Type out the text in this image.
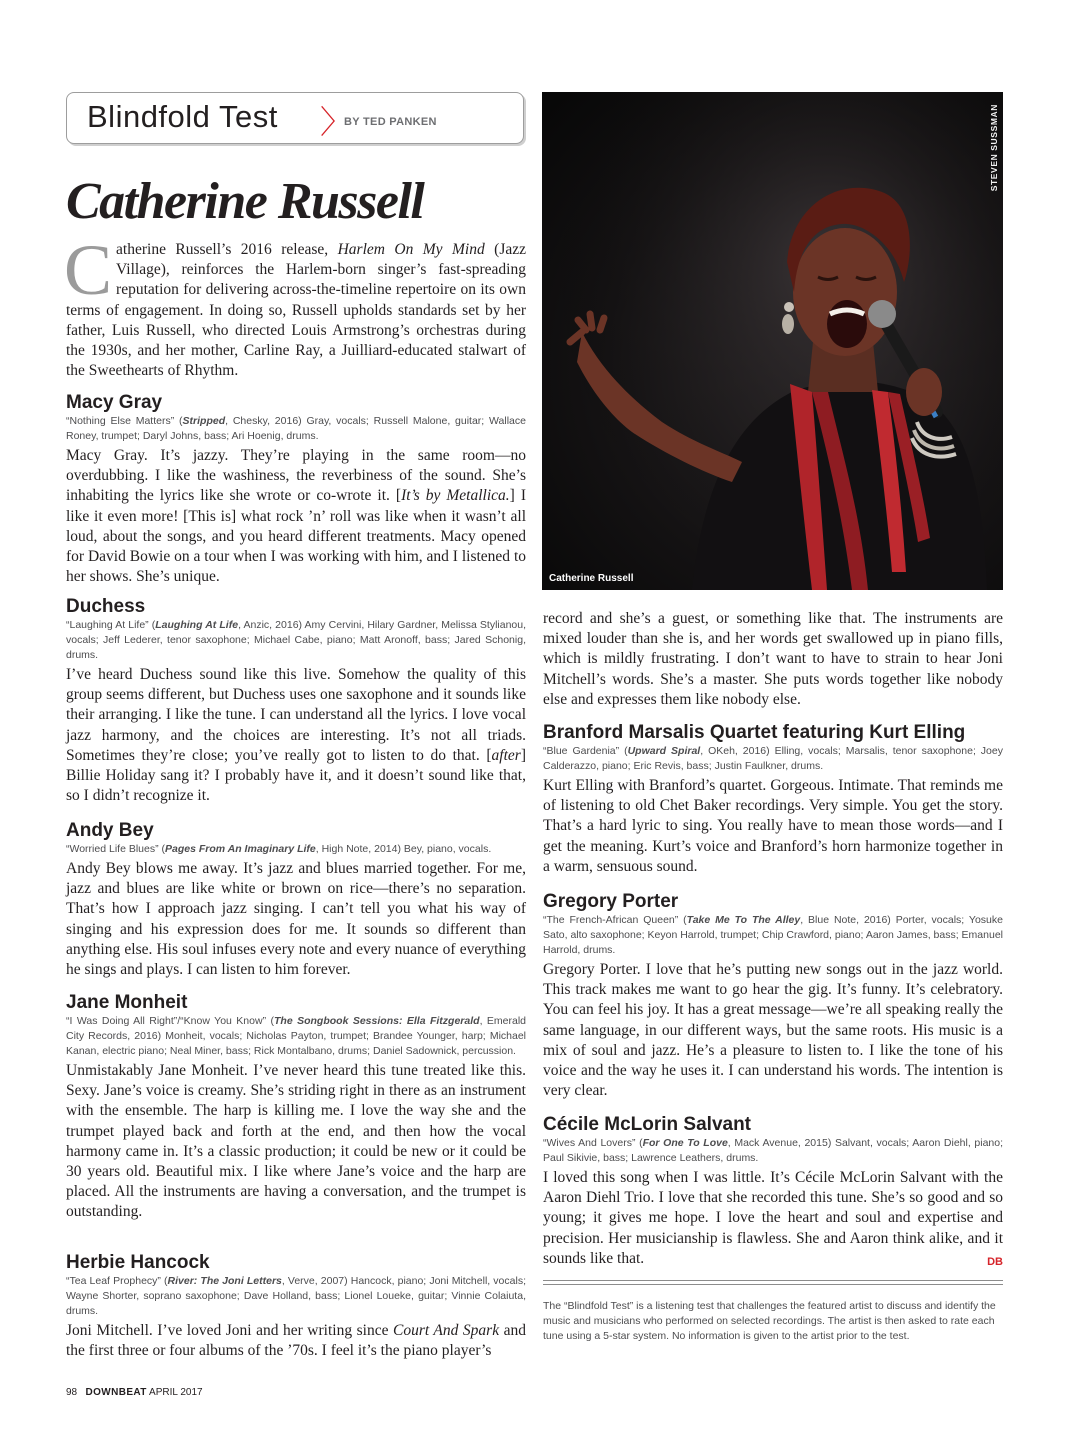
Blindfold Test 〉
BY TED PANKEN
Catherine Russell
STEVEN SUSSMAN
Catherine Russell

Catherine Russell’s 2016 release, Harlem On My Mind (Jazz Village), reinforces the Harlem-born singer’s fast-spreading reputation for delivering across-the-timeline repertoire on its own terms of engagement. In doing so, Russell upholds standards set by her father, Luis Russell, who directed Louis Armstrong’s orchestras during the 1930s, and her mother, Carline Ray, a Juilliard-educated stalwart of the Sweethearts of Rhythm.

Macy Gray

“Nothing Else Matters” (Stripped, Chesky, 2016) Gray, vocals; Russell Malone, guitar; Wallace Roney, trumpet; Daryl Johns, bass; Ari Hoenig, drums.

Macy Gray. It’s jazzy. They’re playing in the same room—no overdubbing. I like the washiness, the reverbiness of the sound. She’s inhabiting the lyrics like she wrote or co-wrote it. [It’s by Metallica.] I like it even more! [This is] what rock ’n’ roll was like when it wasn’t all loud, about the songs, and you heard different treatments. Macy opened for David Bowie on a tour when I was working with him, and I listened to her shows. She’s unique.

Duchess

“Laughing At Life” (Laughing At Life, Anzic, 2016) Amy Cervini, Hilary Gardner, Melissa Stylianou, vocals; Jeff Lederer, tenor saxophone; Michael Cabe, piano; Matt Aronoff, bass; Jared Schonig, drums.

I’ve heard Duchess sound like this live. Somehow the quality of this group seems different, but Duchess uses one saxophone and it sounds like their arranging. I like the tune. I can understand all the lyrics. I love vocal jazz harmony, and the choices are interesting. It’s not all triads. Sometimes they’re close; you’ve really got to listen to do that. [after] Billie Holiday sang it? I probably have it, and it doesn’t sound like that, so I didn’t recognize it.

Andy Bey

“Worried Life Blues” (Pages From An Imaginary Life, High Note, 2014) Bey, piano, vocals.

Andy Bey blows me away. It’s jazz and blues married together. For me, jazz and blues are like white or brown on rice—there’s no separation. That’s how I approach jazz singing. I can’t tell you what his way of singing and his expression does for me. It sounds so different than anything else. His soul infuses every note and every nuance of everything he sings and plays. I can listen to him forever.

Jane Monheit

“I Was Doing All Right”/“Know You Know” (The Songbook Sessions: Ella Fitzgerald, Emerald City Records, 2016) Monheit, vocals; Nicholas Payton, trumpet; Brandee Younger, harp; Michael Kanan, electric piano; Neal Miner, bass; Rick Montalbano, drums; Daniel Sadownick, percussion.

Unmistakably Jane Monheit. I’ve never heard this tune treated like this. Sexy. Jane’s voice is creamy. She’s striding right in there as an instrument with the ensemble. The harp is killing me. I love the way she and the trumpet played back and forth at the end, and then how the vocal harmony came in. It’s a classic production; it could be new or it could be 30 years old. Beautiful mix. I like where Jane’s voice and the harp are placed. All the instruments are having a conversation, and the trumpet is outstanding.

Herbie Hancock

“Tea Leaf Prophecy” (River: The Joni Letters, Verve, 2007) Hancock, piano; Joni Mitchell, vocals; Wayne Shorter, soprano saxophone; Dave Holland, bass; Lionel Loueke, guitar; Vinnie Colaiuta, drums.

Joni Mitchell. I’ve loved Joni and her writing since Court And Spark and the first three or four albums of the ’70s. I feel it’s the piano player’s

record and she’s a guest, or something like that. The instruments are mixed louder than she is, and her words get swallowed up in piano fills, which is mildly frustrating. I don’t want to have to strain to hear Joni Mitchell’s words. She’s a master. She puts words together like nobody else and expresses them like nobody else.

Branford Marsalis Quartet featuring Kurt Elling

“Blue Gardenia” (Upward Spiral, OKeh, 2016) Elling, vocals; Marsalis, tenor saxophone; Joey Calderazzo, piano; Eric Revis, bass; Justin Faulkner, drums.

Kurt Elling with Branford’s quartet. Gorgeous. Intimate. That reminds me of listening to old Chet Baker recordings. Very simple. You get the story. That’s a hard lyric to sing. You really have to mean those words—and I get the meaning. Kurt’s voice and Branford’s horn harmonize together in a warm, sensuous sound.

Gregory Porter

“The French-African Queen” (Take Me To The Alley, Blue Note, 2016) Porter, vocals; Yosuke Sato, alto saxophone; Keyon Harrold, trumpet; Chip Crawford, piano; Aaron James, bass; Emanuel Harrold, drums.

Gregory Porter. I love that he’s putting new songs out in the jazz world. This track makes me want to go hear the gig. It’s funny. It’s celebratory. You can feel his joy. It has a great message—we’re all speaking really the same language, in our different ways, but the same roots. His music is a mix of soul and jazz. He’s a pleasure to listen to. I like the tone of his voice and the way he uses it. I can understand his words. The intention is very clear.

Cécile McLorin Salvant

“Wives And Lovers” (For One To Love, Mack Avenue, 2015) Salvant, vocals; Aaron Diehl, piano; Paul Sikivie, bass; Lawrence Leathers, drums.

I loved this song when I was little. It’s Cécile McLorin Salvant with the Aaron Diehl Trio. I love that she recorded this tune. She’s so good and so young; it gives me hope. I love the heart and soul and expertise and precision. Her musicianship is flawless. She and Aaron think alike, and it sounds like that.	DB

The “Blindfold Test” is a listening test that challenges the featured artist to discuss and identify the music and musicians who performed on selected recordings. The artist is then asked to rate each tune using a 5-star system. No information is given to the artist prior to the test.
98 DOWNBEAT APRIL 2017
